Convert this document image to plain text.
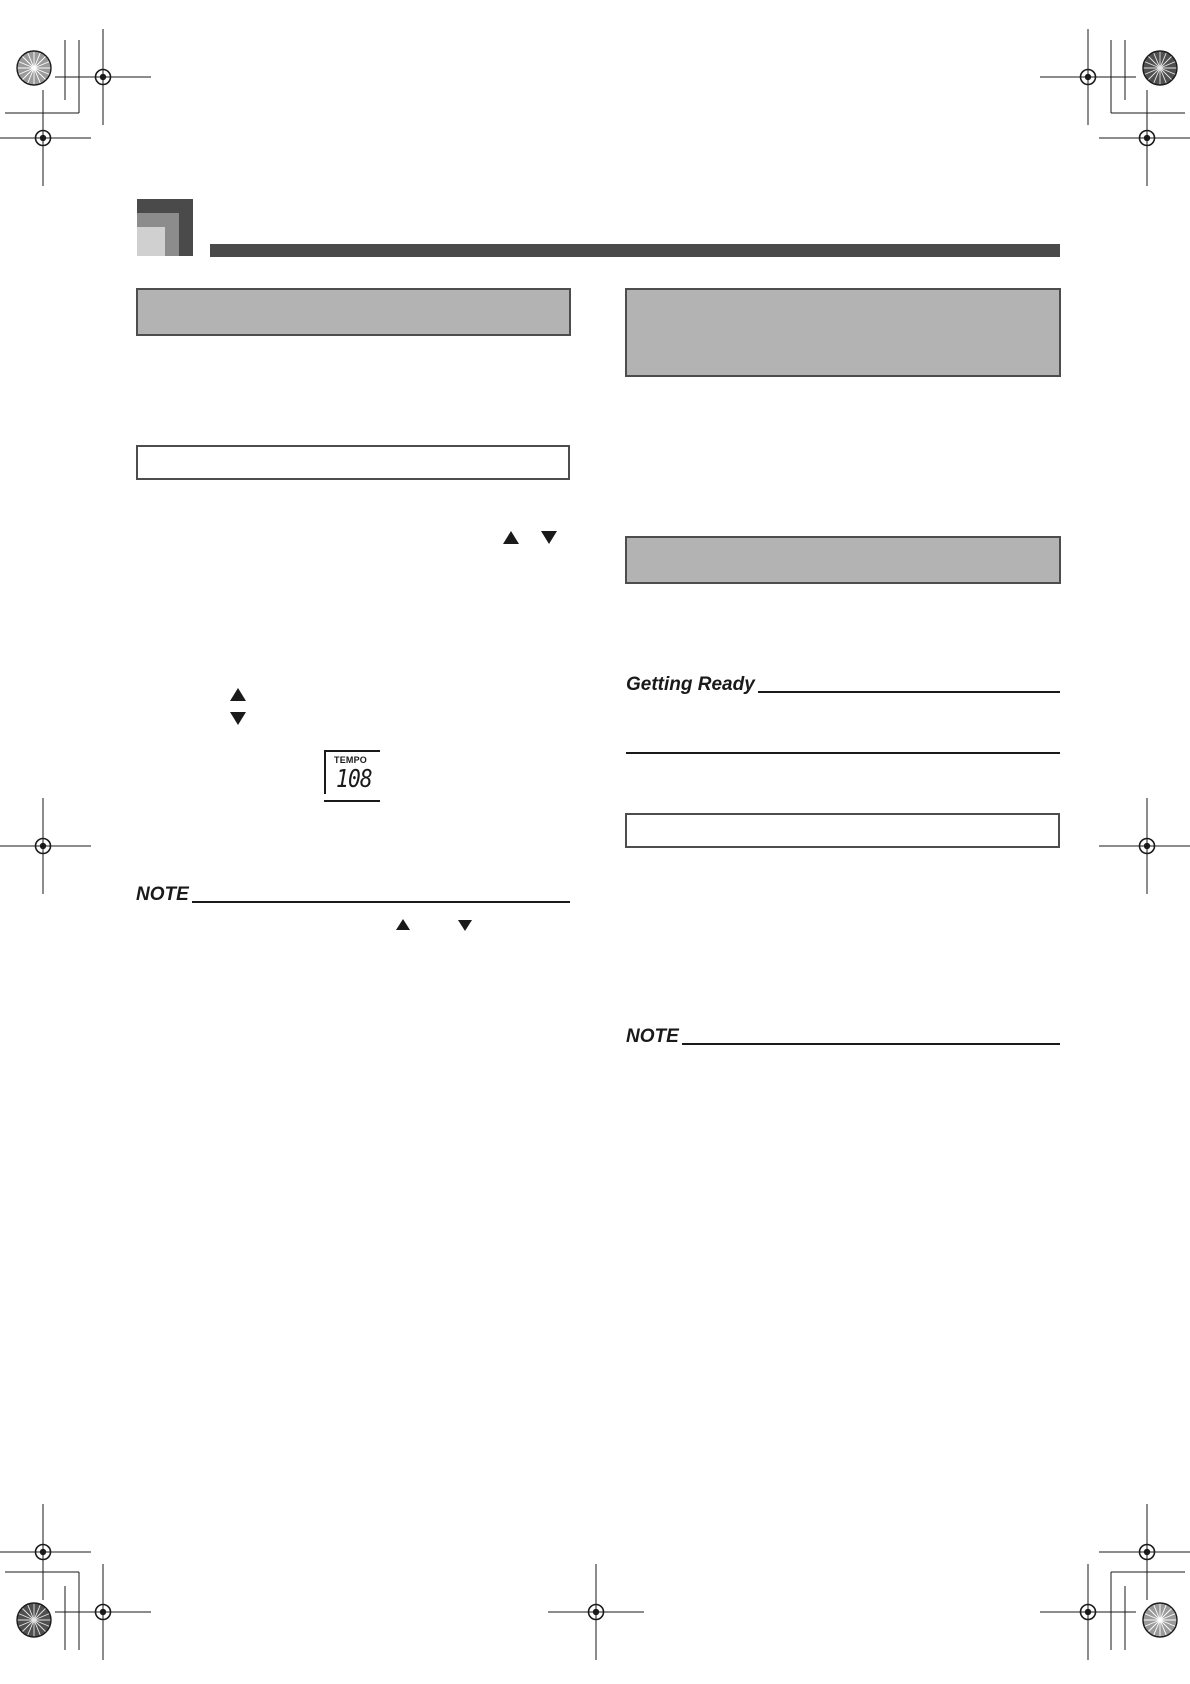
TEMPO
108
NOTE
Getting Ready
NOTE
